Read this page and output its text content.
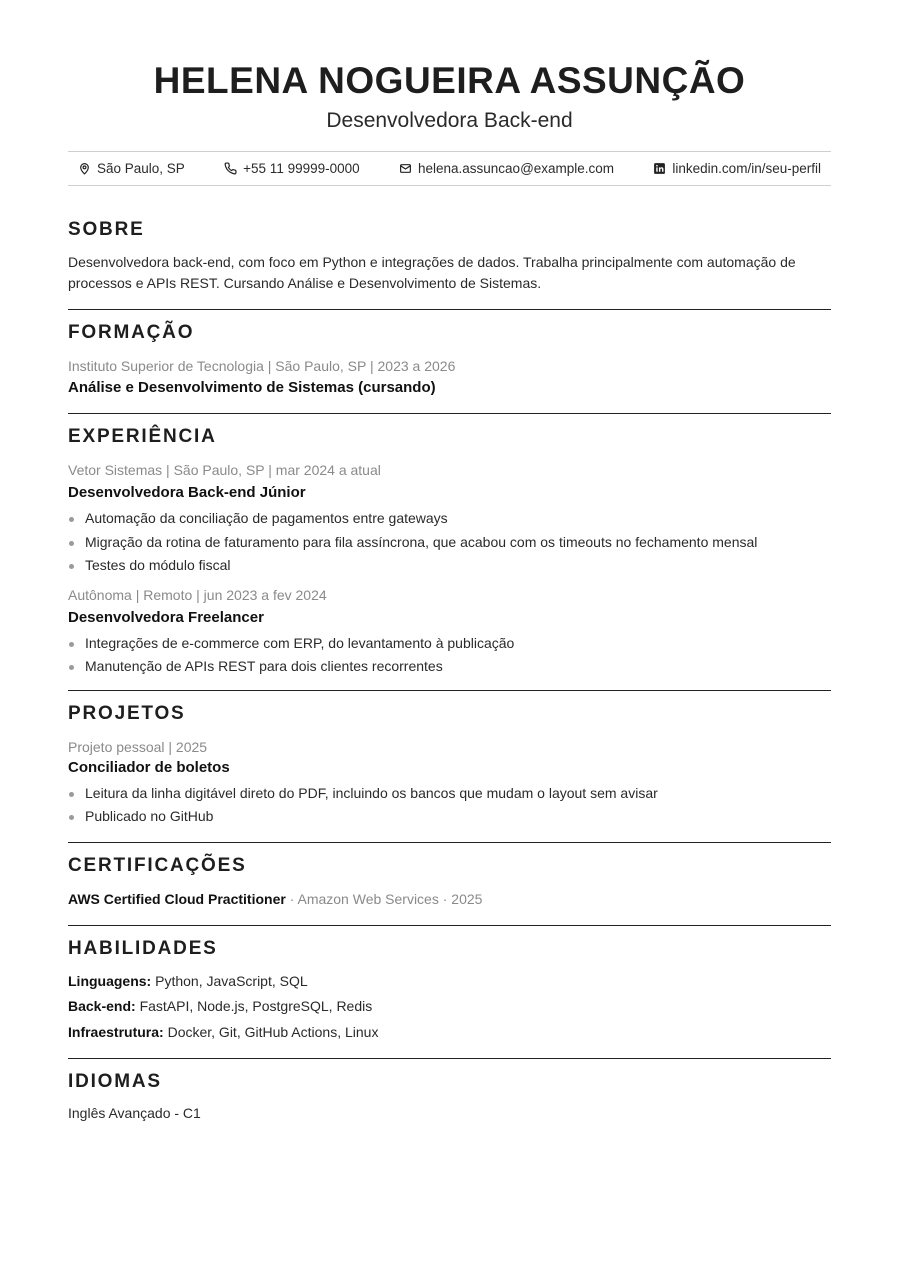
HELENA NOGUEIRA ASSUNÇÃO
Desenvolvedora Back-end
São Paulo, SP	+55 11 99999-0000	helena.assuncao@example.com	linkedin.com/in/seu-perfil
SOBRE
Desenvolvedora back-end, com foco em Python e integrações de dados. Trabalha principalmente com automação de processos e APIs REST. Cursando Análise e Desenvolvimento de Sistemas.
FORMAÇÃO
Instituto Superior de Tecnologia | São Paulo, SP | 2023 a 2026
Análise e Desenvolvimento de Sistemas (cursando)
EXPERIÊNCIA
Vetor Sistemas | São Paulo, SP | mar 2024 a atual
Desenvolvedora Back-end Júnior
Automação da conciliação de pagamentos entre gateways
Migração da rotina de faturamento para fila assíncrona, que acabou com os timeouts no fechamento mensal
Testes do módulo fiscal
Autônoma | Remoto | jun 2023 a fev 2024
Desenvolvedora Freelancer
Integrações de e-commerce com ERP, do levantamento à publicação
Manutenção de APIs REST para dois clientes recorrentes
PROJETOS
Projeto pessoal | 2025
Conciliador de boletos
Leitura da linha digitável direto do PDF, incluindo os bancos que mudam o layout sem avisar
Publicado no GitHub
CERTIFICAÇÕES
AWS Certified Cloud Practitioner · Amazon Web Services · 2025
HABILIDADES
Linguagens: Python, JavaScript, SQL
Back-end: FastAPI, Node.js, PostgreSQL, Redis
Infraestrutura: Docker, Git, GitHub Actions, Linux
IDIOMAS
Inglês Avançado - C1
